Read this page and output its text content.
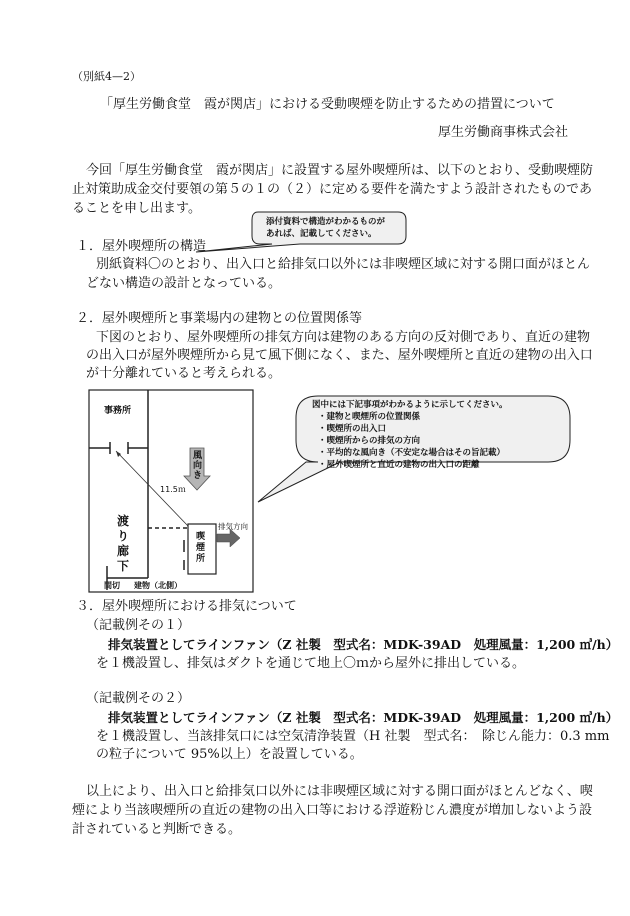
（別紙4—2）
「厚生労働食堂　霞が関店」における受動喫煙を防止するための措置について
厚生労働商事株式会社
今回「厚生労働食堂　霞が関店」に設置する屋外喫煙所は、以下のとおり、受動喫煙防
止対策助成金交付要領の第５の１の（２）に定める要件を満たすよう設計されたものであ
ることを申し出ます。
添付資料で構造がわかるものが
あれば、記載してください。
１．屋外喫煙所の構造
別紙資料〇のとおり、出入口と給排気口以外には非喫煙区域に対する開口面がほとん
どない構造の設計となっている。
２．屋外喫煙所と事業場内の建物との位置関係等
下図のとおり、屋外喫煙所の排気方向は建物のある方向の反対側であり、直近の建物
の出入口が屋外喫煙所から見て風下側になく、また、屋外喫煙所と直近の建物の出入口
が十分離れていると考えられる。
事務所
11.5ｍ
風向き
排気方向
渡り廊下
喫煙所
間切 建物（北側）
図中には下記事項がわかるように示してください。
・建物と喫煙所の位置関係
・喫煙所の出入口
・喫煙所からの排気の方向
・平均的な風向き（不安定な場合はその旨記載）
・屋外喫煙所と直近の建物の出入口の距離
３．屋外喫煙所における排気について
（記載例その１）
排気装置としてラインファン（Z 社製　型式名：MDK-39AD　処理風量：1,200 ㎥/h）
を１機設置し、排気はダクトを通じて地上〇ｍから屋外に排出している。
（記載例その２）
排気装置としてラインファン（Z 社製　型式名：MDK-39AD　処理風量：1,200 ㎥/h）
を１機設置し、当該排気口には空気清浄装置（H 社製　型式名：　除じん能力：0.3 mm
の粒子について 95%以上）を設置している。
以上により、出入口と給排気口以外には非喫煙区域に対する開口面がほとんどなく、喫
煙により当該喫煙所の直近の建物の出入口等における浮遊粉じん濃度が増加しないよう設
計されていると判断できる。
